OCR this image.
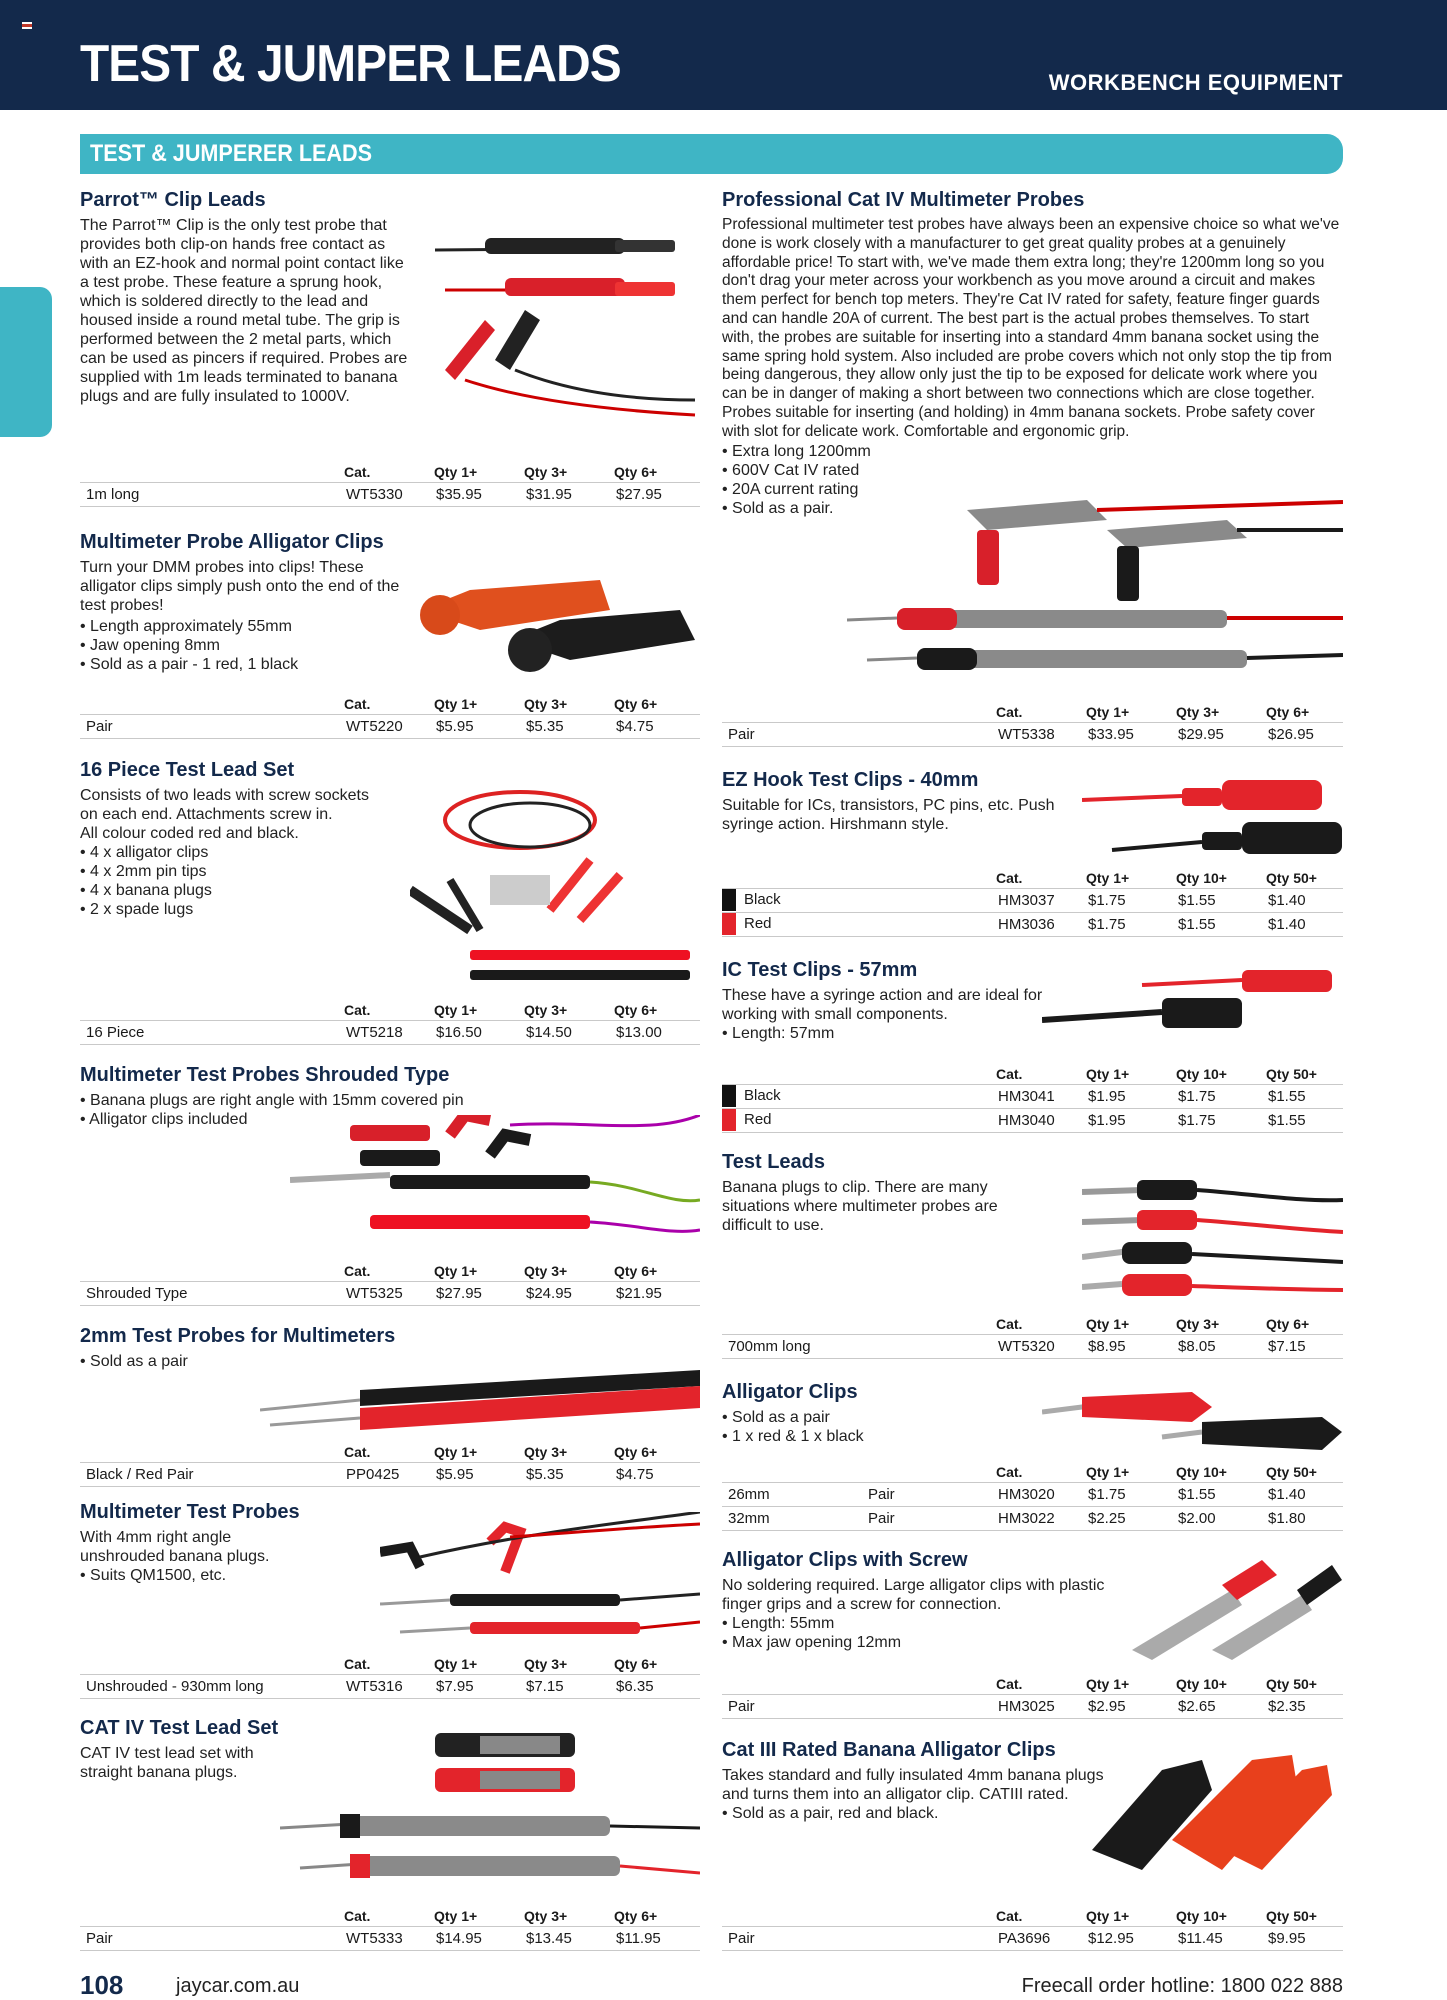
TEST & JUMPER LEADS	WORKBENCH EQUIPMENT
TEST & JUMPERER LEADS
Parrot™ Clip Leads
The Parrot™ Clip is the only test probe that provides both clip-on hands free contact as with an EZ-hook and normal point contact like a test probe. These feature a sprung hook, which is soldered directly to the lead and housed inside a round metal tube. The grip is performed between the 2 metal parts, which can be used as pincers if required. Probes are supplied with 1m leads terminated to banana plugs and are fully insulated to 1000V.
	Cat.	Qty 1+	Qty 3+	Qty 6+
1m long	WT5330	$35.95	$31.95	$27.95
Multimeter Probe Alligator Clips

Turn your DMM probes into clips! These alligator clips simply push onto the end of the test probes!

• Length approximately 55mm
• Jaw opening 8mm
• Sold as a pair - 1 red, 1 black
	Cat.	Qty 1+	Qty 3+	Qty 6+
Pair	WT5220	$5.95	$5.35	$4.75
16 Piece Test Lead Set

Consists of two leads with screw sockets on each end. Attachments screw in.

All colour coded red and black.

• 4 x alligator clips
• 4 x 2mm pin tips
• 4 x banana plugs
• 2 x spade lugs
	Cat.	Qty 1+	Qty 3+	Qty 6+
16 Piece	WT5218	$16.50	$14.50	$13.00
Multimeter Test Probes Shrouded Type
• Banana plugs are right angle with 15mm covered pin
• Alligator clips included
	Cat.	Qty 1+	Qty 3+	Qty 6+
Shrouded Type	WT5325	$27.95	$24.95	$21.95
2mm Test Probes for Multimeters
• Sold as a pair
	Cat.	Qty 1+	Qty 3+	Qty 6+
Black / Red Pair	PP0425	$5.95	$5.35	$4.75
Multimeter Test Probes

With 4mm right angle unshrouded banana plugs.

• Suits QM1500, etc.
	Cat.	Qty 1+	Qty 3+	Qty 6+
Unshrouded - 930mm long	WT5316	$7.95	$7.15	$6.35
CAT IV Test Lead Set
CAT IV test lead set with straight banana plugs.
	Cat.	Qty 1+	Qty 3+	Qty 6+
Pair	WT5333	$14.95	$13.45	$11.95
Professional Cat IV Multimeter Probes

Professional multimeter test probes have always been an expensive choice so what we've done is work closely with a manufacturer to get great quality probes at a genuinely affordable price! To start with, we've made them extra long; they're 1200mm long so you don't drag your meter across your workbench as you move around a circuit and makes them perfect for bench top meters. They're Cat IV rated for safety, feature finger guards and can handle 20A of current. The best part is the actual probes themselves. To start with, the probes are suitable for inserting into a standard 4mm banana socket using the same spring hold system. Also included are probe covers which not only stop the tip from being dangerous, they allow only just the tip to be exposed for delicate work where you can be in danger of making a short between two connections which are close together. Probes suitable for inserting (and holding) in 4mm banana sockets. Probe safety cover with slot for delicate work. Comfortable and ergonomic grip.

• Extra long 1200mm
• 600V Cat IV rated
• 20A current rating
• Sold as a pair.
	Cat.	Qty 1+	Qty 3+	Qty 6+
Pair	WT5338	$33.95	$29.95	$26.95
EZ Hook Test Clips - 40mm
Suitable for ICs, transistors, PC pins, etc. Push syringe action. Hirshmann style.
	Cat.	Qty 1+	Qty 10+	Qty 50+
Black	HM3037	$1.75	$1.55	$1.40
Red	HM3036	$1.75	$1.55	$1.40
IC Test Clips - 57mm

These have a syringe action and are ideal for working with small components.

• Length: 57mm
	Cat.	Qty 1+	Qty 10+	Qty 50+
Black	HM3041	$1.95	$1.75	$1.55
Red	HM3040	$1.95	$1.75	$1.55
Test Leads
Banana plugs to clip. There are many situations where multimeter probes are difficult to use.
	Cat.	Qty 1+	Qty 3+	Qty 6+
700mm long	WT5320	$8.95	$8.05	$7.15
Alligator Clips
• Sold as a pair
• 1 x red & 1 x black
		Cat.	Qty 1+	Qty 10+	Qty 50+
26mm	Pair	HM3020	$1.75	$1.55	$1.40
32mm	Pair	HM3022	$2.25	$2.00	$1.80
Alligator Clips with Screw

No soldering required. Large alligator clips with plastic finger grips and a screw for connection.

• Length: 55mm
• Max jaw opening 12mm
	Cat.	Qty 1+	Qty 10+	Qty 50+
Pair	HM3025	$2.95	$2.65	$2.35
Cat III Rated Banana Alligator Clips

Takes standard and fully insulated 4mm banana plugs and turns them into an alligator clip. CATIII rated.

• Sold as a pair, red and black.
	Cat.	Qty 1+	Qty 10+	Qty 50+
Pair	PA3696	$12.95	$11.45	$9.95
108	jaycar.com.au	Freecall order hotline: 1800 022 888
